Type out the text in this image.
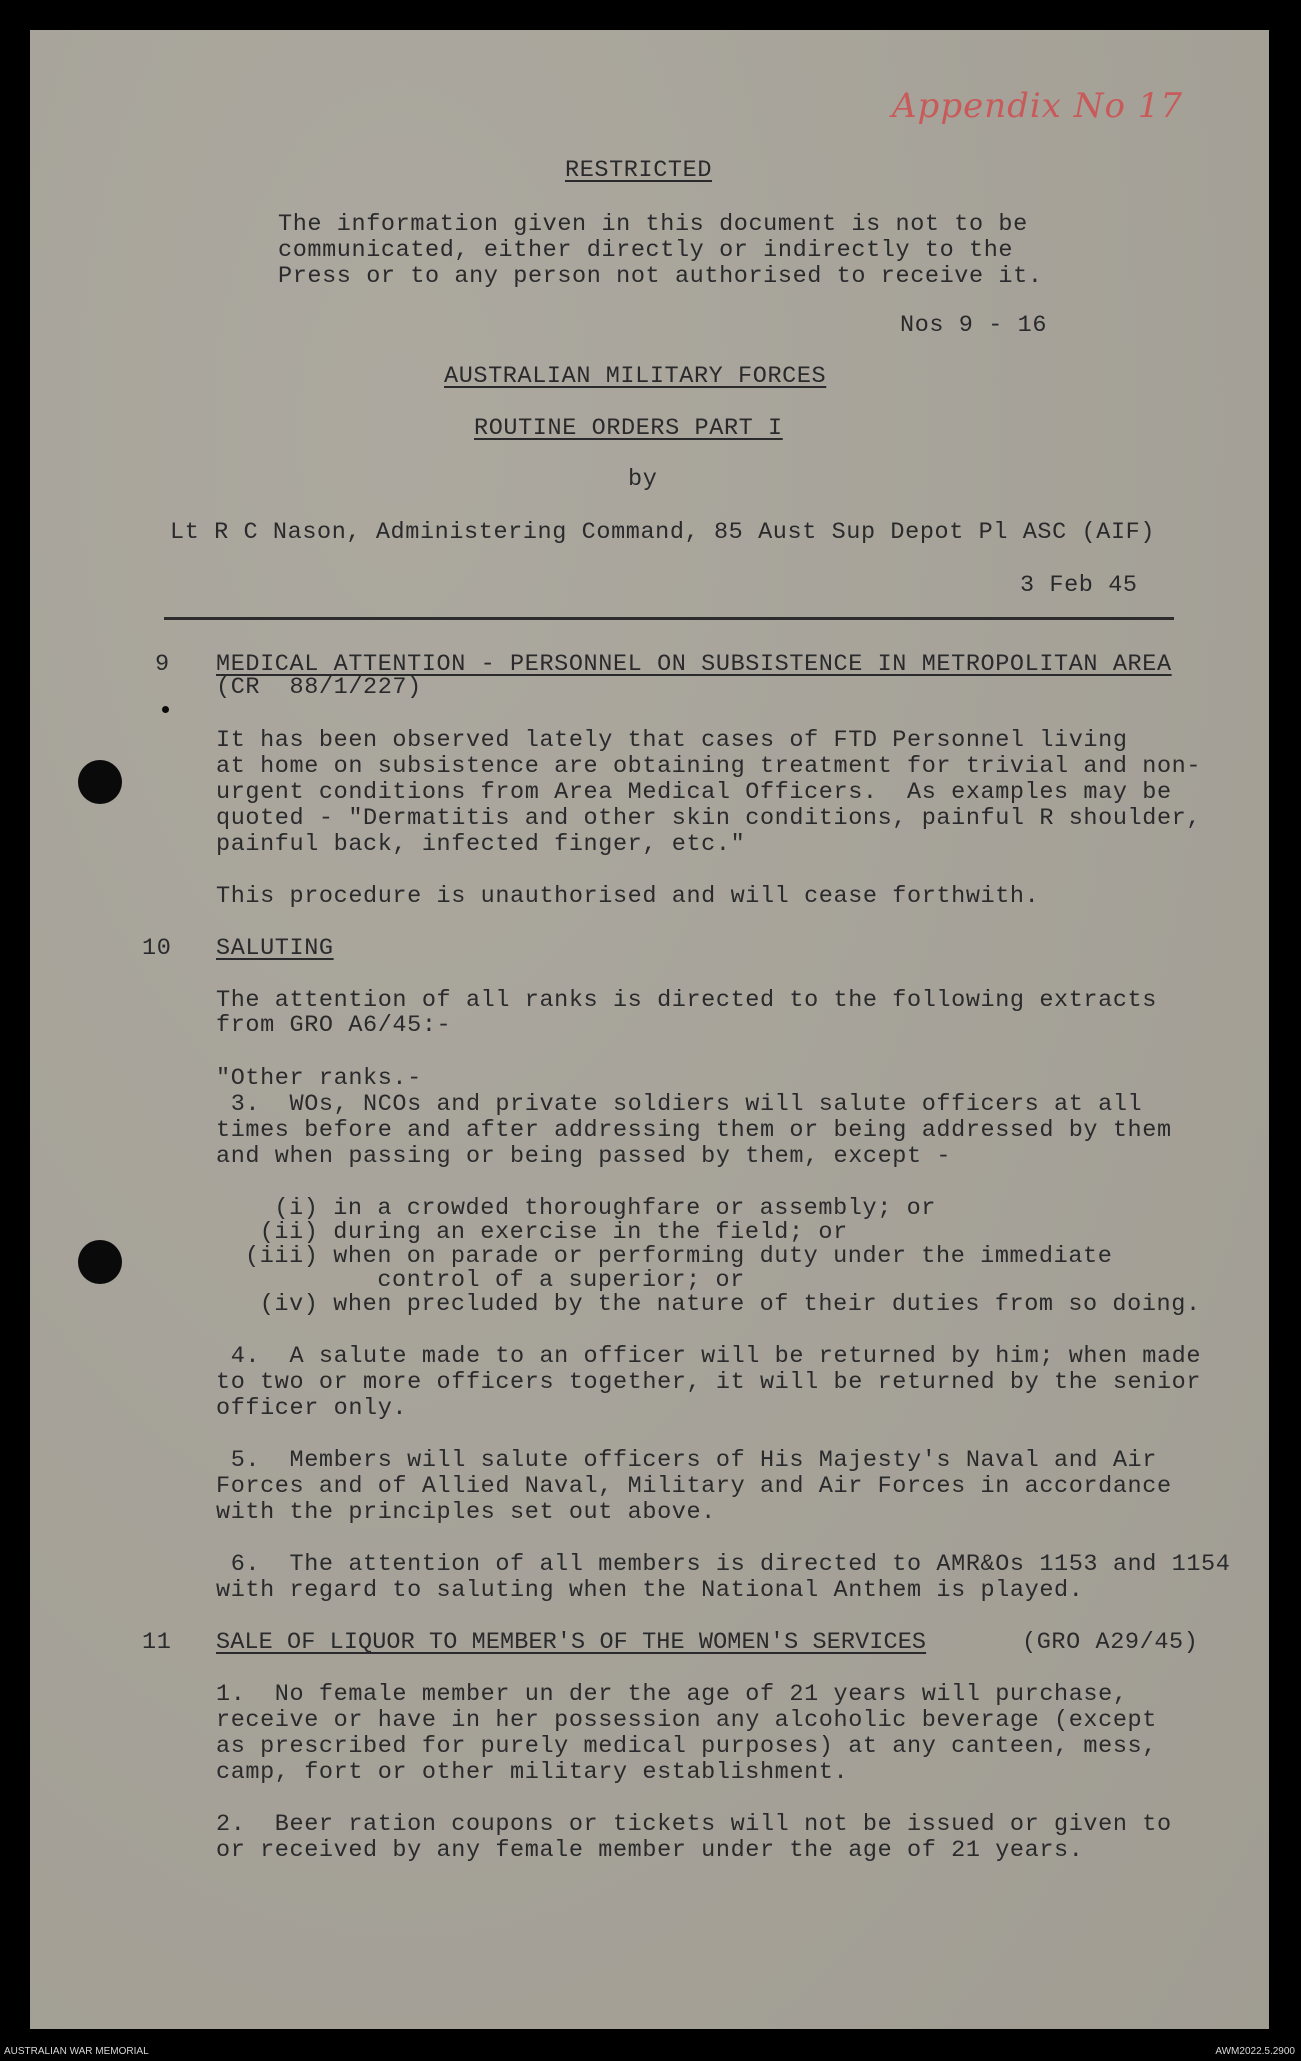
Appendix No 17
RESTRICTED
The information given in this document is not to be
communicated, either directly or indirectly to the
Press or to any person not authorised to receive it.
Nos 9 - 16
AUSTRALIAN MILITARY FORCES
ROUTINE ORDERS PART I
by
Lt R C Nason, Administering Command, 85 Aust Sup Depot Pl ASC (AIF)
3 Feb 45
9 MEDICAL ATTENTION - PERSONNEL ON SUBSISTENCE IN METROPOLITAN AREA
(CR  88/1/227)
It has been observed lately that cases of FTD Personnel living
at home on subsistence are obtaining treatment for trivial and non-
urgent conditions from Area Medical Officers.  As examples may be
quoted - "Dermatitis and other skin conditions, painful R shoulder,
painful back, infected finger, etc."
This procedure is unauthorised and will cease forthwith.
10 SALUTING
The attention of all ranks is directed to the following extracts
from GRO A6/45:-
"Other ranks.-
3.  WOs, NCOs and private soldiers will salute officers at all
times before and after addressing them or being addressed by them
and when passing or being passed by them, except -
(i) in a crowded thoroughfare or assembly; or
(ii) during an exercise in the field; or
(iii) when on parade or performing duty under the immediate
control of a superior; or
(iv) when precluded by the nature of their duties from so doing.
4.  A salute made to an officer will be returned by him; when made
to two or more officers together, it will be returned by the senior
officer only.
5.  Members will salute officers of His Majesty's Naval and Air
Forces and of Allied Naval, Military and Air Forces in accordance
with the principles set out above.
6.  The attention of all members is directed to AMR&Os 1153 and 1154
with regard to saluting when the National Anthem is played.
11 SALE OF LIQUOR TO MEMBER'S OF THE WOMEN'S SERVICES	(GRO A29/45)
1.  No female member un der the age of 21 years will purchase,
receive or have in her possession any alcoholic beverage (except
as prescribed for purely medical purposes) at any canteen, mess,
camp, fort or other military establishment.
2.  Beer ration coupons or tickets will not be issued or given to
or received by any female member under the age of 21 years.
AUSTRALIAN WAR MEMORIAL	AWM2022.5.2900
